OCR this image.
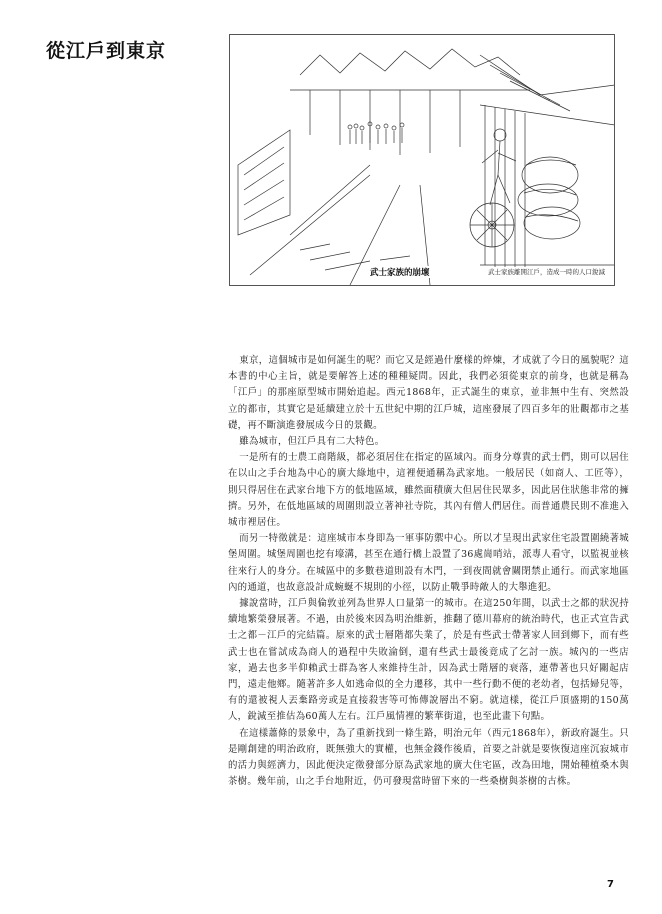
從江戶到東京
武士家族的崩壞	武士家族離開江戶，造成一時的人口銳減

東京，這個城市是如何誕生的呢？而它又是經過什麼樣的焠煉，才成就了今日的風貌呢？這本書的中心主旨，就是要解答上述的種種疑問。因此，我們必須從東京的前身，也就是稱為「江戶」的那座原型城市開始追起。西元1868年，正式誕生的東京，並非無中生有、突然設立的都市，其實它是延續建立於十五世紀中期的江戶城，這座發展了四百多年的壯觀都市之基礎，再不斷演進發展成今日的景觀。

雖為城市，但江戶具有二大特色。

一是所有的士農工商階級，都必須居住在指定的區域內。而身分尊貴的武士們，則可以居住在以山之手台地為中心的廣大綠地中，這裡便通稱為武家地。一般居民（如商人、工匠等），則只得居住在武家台地下方的低地區域，雖然面積廣大但居住民眾多，因此居住狀態非常的擁擠。另外，在低地區域的周圍則設立著神社寺院，其內有僧人們居住。而普通農民則不准進入城市裡居住。

而另一特徵就是：這座城市本身即為一軍事防禦中心。所以才呈現出武家住宅設置圍繞著城堡周圍。城堡周圍也挖有壕溝，甚至在通行橋上設置了36處崗哨站，派專人看守，以監視並核往來行人的身分。在城區中的多數巷道則設有木門，一到夜間就會關閉禁止通行。而武家地區內的通道，也故意設計成蜿蜒不規則的小徑，以防止戰爭時敵人的大舉進犯。

據說當時，江戶與倫敦並列為世界人口量第一的城市。在這250年間，以武士之都的狀況持續地繁榮發展著。不過，由於後來因為明治維新，推翻了德川幕府的統治時代，也正式宣告武士之都－江戶的完結篇。原來的武士層階都失業了，於是有些武士帶著家人回到鄉下，而有些武士也在嘗試成為商人的過程中失敗淪倒，還有些武士最後竟成了乞討一族。城內的一些店家，過去也多半仰賴武士群為客人來維持生計，因為武士階層的衰落，連帶著也只好關起店門，遠走他鄉。隨著許多人如逃命似的全力遷移，其中一些行動不便的老幼者，包括婦兒等，有的還被視人丟棄路旁或是直接殺害等可怖傳說層出不窮。就這樣，從江戶頂盛期的150萬人，銳減至推估為60萬人左右。江戶風情裡的繁華街道，也至此畫下句點。

在這樣蕭條的景象中，為了重新找到一條生路，明治元年（西元1868年），新政府誕生。只是剛創建的明治政府，既無強大的實權，也無金錢作後盾，首要之計就是要恢復這座沉寂城市的活力與經濟力，因此便決定徵發部分原為武家地的廣大住宅區，改為田地，開始種植桑木與茶樹。幾年前，山之手台地附近，仍可發現當時留下來的一些桑樹與茶樹的古株。

7
